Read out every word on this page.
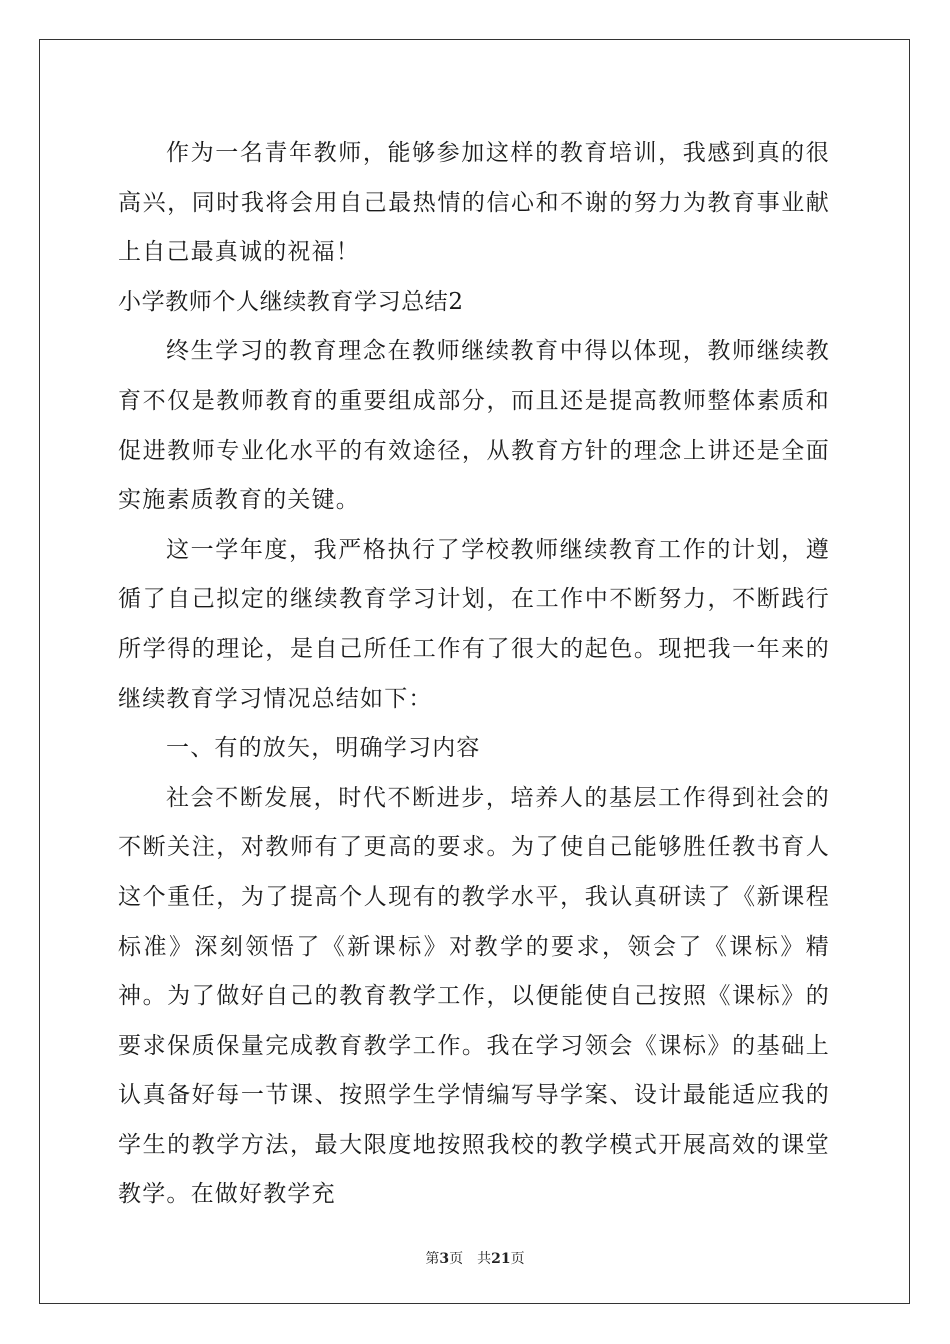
作为一名青年教师，能够参加这样的教育培训，我感到真的很高兴，同时我将会用自己最热情的信心和不谢的努力为教育事业献上自己最真诚的祝福！

小学教师个人继续教育学习总结2

终生学习的教育理念在教师继续教育中得以体现，教师继续教育不仅是教师教育的重要组成部分，而且还是提高教师整体素质和促进教师专业化水平的有效途径，从教育方针的理念上讲还是全面实施素质教育的关键。

这一学年度，我严格执行了学校教师继续教育工作的计划，遵循了自己拟定的继续教育学习计划，在工作中不断努力，不断践行所学得的理论，是自己所任工作有了很大的起色。现把我一年来的继续教育学习情况总结如下：

一、有的放矢，明确学习内容

社会不断发展，时代不断进步，培养人的基层工作得到社会的不断关注，对教师有了更高的要求。为了使自己能够胜任教书育人这个重任，为了提高个人现有的教学水平，我认真研读了《新课程标准》深刻领悟了《新课标》对教学的要求，领会了《课标》精神。为了做好自己的教育教学工作，以便能使自己按照《课标》的要求保质保量完成教育教学工作。我在学习领会《课标》的基础上认真备好每一节课、按照学生学情编写导学案、设计最能适应我的学生的教学方法，最大限度地按照我校的教学模式开展高效的课堂教学。在做好教学充

第3页 共21页
